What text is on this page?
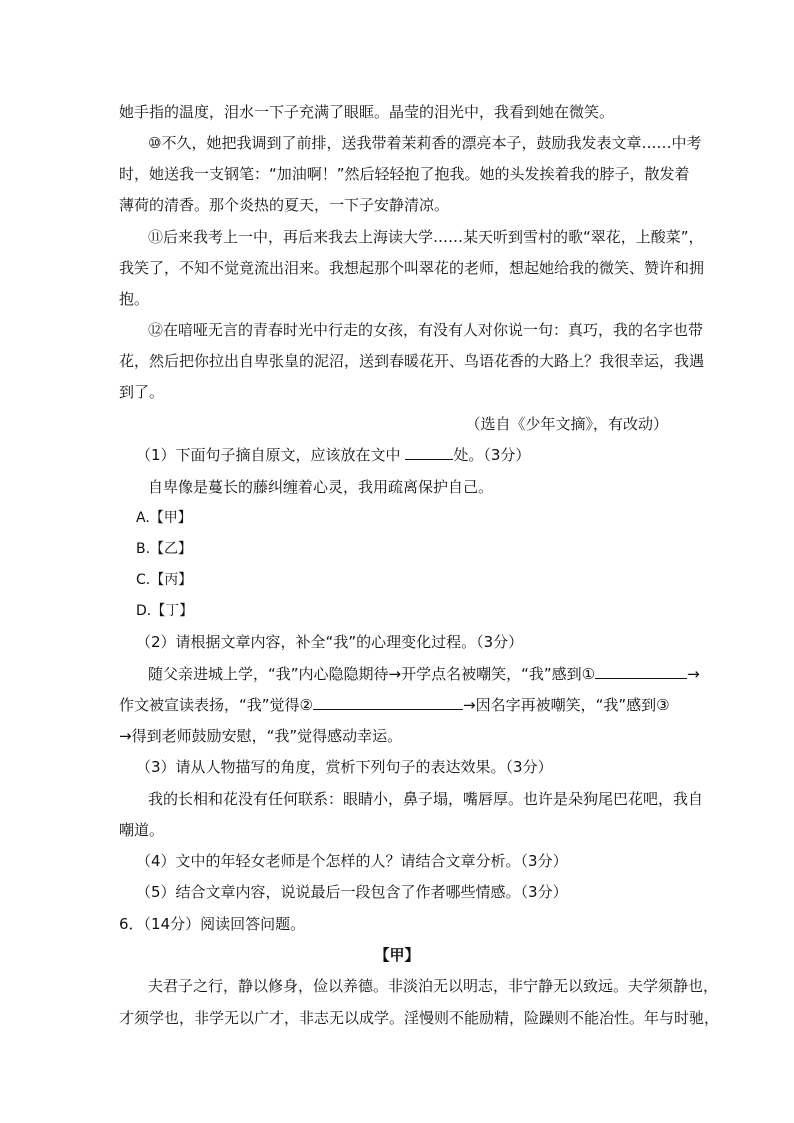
她手指的温度，泪水一下子充满了眼眶。晶莹的泪光中，我看到她在微笑。
⑩不久，她把我调到了前排，送我带着茉莉香的漂亮本子，鼓励我发表文章……中考
时，她送我一支钢笔：“加油啊！”然后轻轻抱了抱我。她的头发挨着我的脖子，散发着
薄荷的清香。那个炎热的夏天，一下子安静清凉。
⑪后来我考上一中，再后来我去上海读大学……某天听到雪村的歌“翠花，上酸菜”，
我笑了，不知不觉竟流出泪来。我想起那个叫翠花的老师，想起她给我的微笑、赞许和拥
抱。
⑫在喑哑无言的青春时光中行走的女孩，有没有人对你说一句：真巧，我的名字也带
花，然后把你拉出自卑张皇的泥沼，送到春暖花开、鸟语花香的大路上？我很幸运，我遇
到了。
（选自《少年文摘》，有改动）
（1）下面句子摘自原文，应该放在文中	处。（3分）
自卑像是蔓长的藤纠缠着心灵，我用疏离保护自己。
A.【甲】
B.【乙】
C.【丙】
D.【丁】
（2）请根据文章内容，补全“我”的心理变化过程。（3分）
随父亲进城上学，“我”内心隐隐期待→开学点名被嘲笑，“我”感到①	→
作文被宣读表扬，“我”觉得②	→因名字再被嘲笑，“我”感到③
→得到老师鼓励安慰，“我”觉得感动幸运。
（3）请从人物描写的角度，赏析下列句子的表达效果。（3分）
我的长相和花没有任何联系：眼睛小，鼻子塌，嘴唇厚。也许是朵狗尾巴花吧，我自
嘲道。
（4）文中的年轻女老师是个怎样的人？请结合文章分析。（3分）
（5）结合文章内容，说说最后一段包含了作者哪些情感。（3分）
6．（14分）阅读回答问题。
【甲】
夫君子之行，静以修身，俭以养德。非淡泊无以明志，非宁静无以致远。夫学须静也，
才须学也，非学无以广才，非志无以成学。淫慢则不能励精，险躁则不能冶性。年与时驰，
